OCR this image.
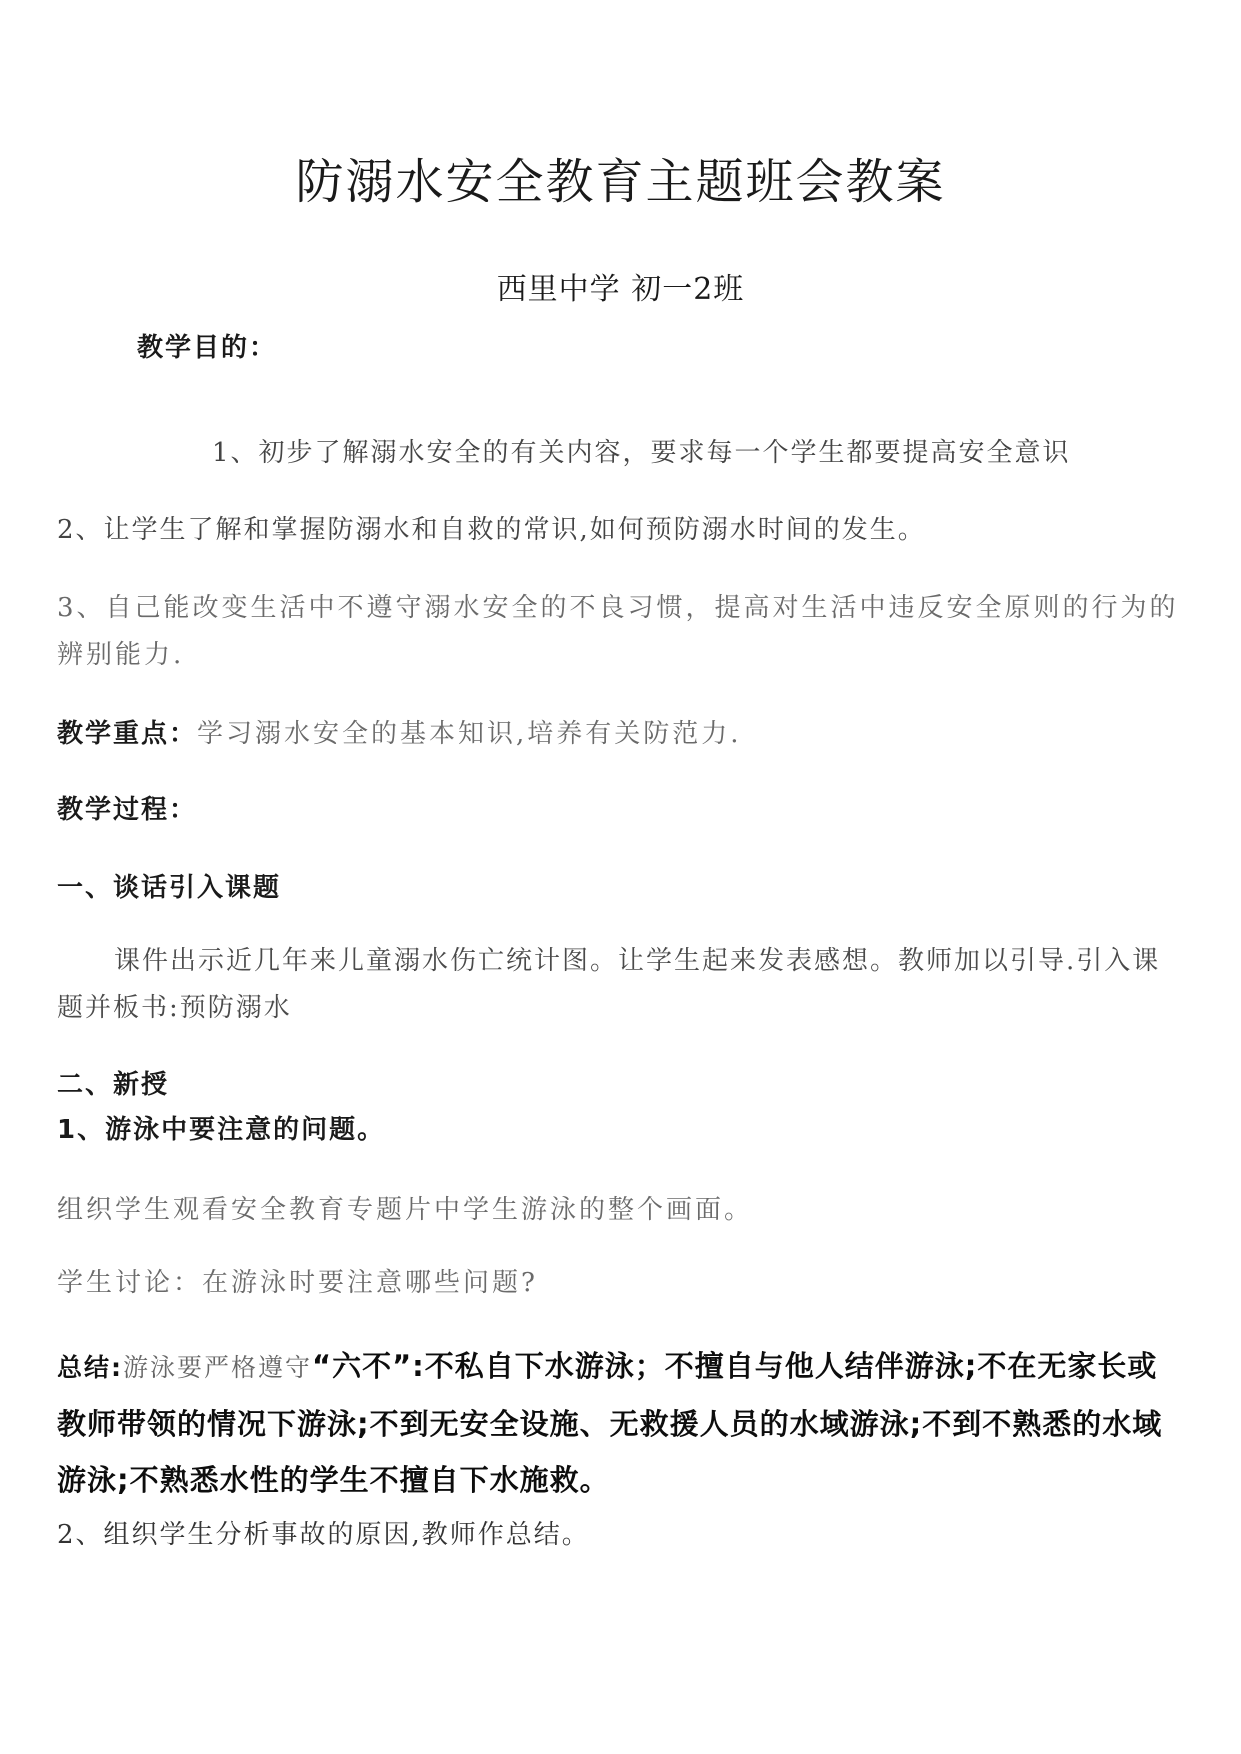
防溺水安全教育主题班会教案
西里中学 初一2班
教学目的：
1、初步了解溺水安全的有关内容，要求每一个学生都要提高安全意识
2、让学生了解和掌握防溺水和自救的常识,如何预防溺水时间的发生。
3、自己能改变生活中不遵守溺水安全的不良习惯，提高对生活中违反安全原则的行为的辨别能力.
教学重点：学习溺水安全的基本知识,培养有关防范力.
教学过程：
一、谈话引入课题
课件出示近几年来儿童溺水伤亡统计图。让学生起来发表感想。教师加以引导.引入课题并板书:预防溺水
二、新授
1、游泳中要注意的问题。
组织学生观看安全教育专题片中学生游泳的整个画面。
学生讨论：在游泳时要注意哪些问题?
总结:游泳要严格遵守“六不”:不私自下水游泳；不擅自与他人结伴游泳;不在无家长或教师带领的情况下游泳;不到无安全设施、无救援人员的水域游泳;不到不熟悉的水域游泳;不熟悉水性的学生不擅自下水施救。
2、组织学生分析事故的原因,教师作总结。
